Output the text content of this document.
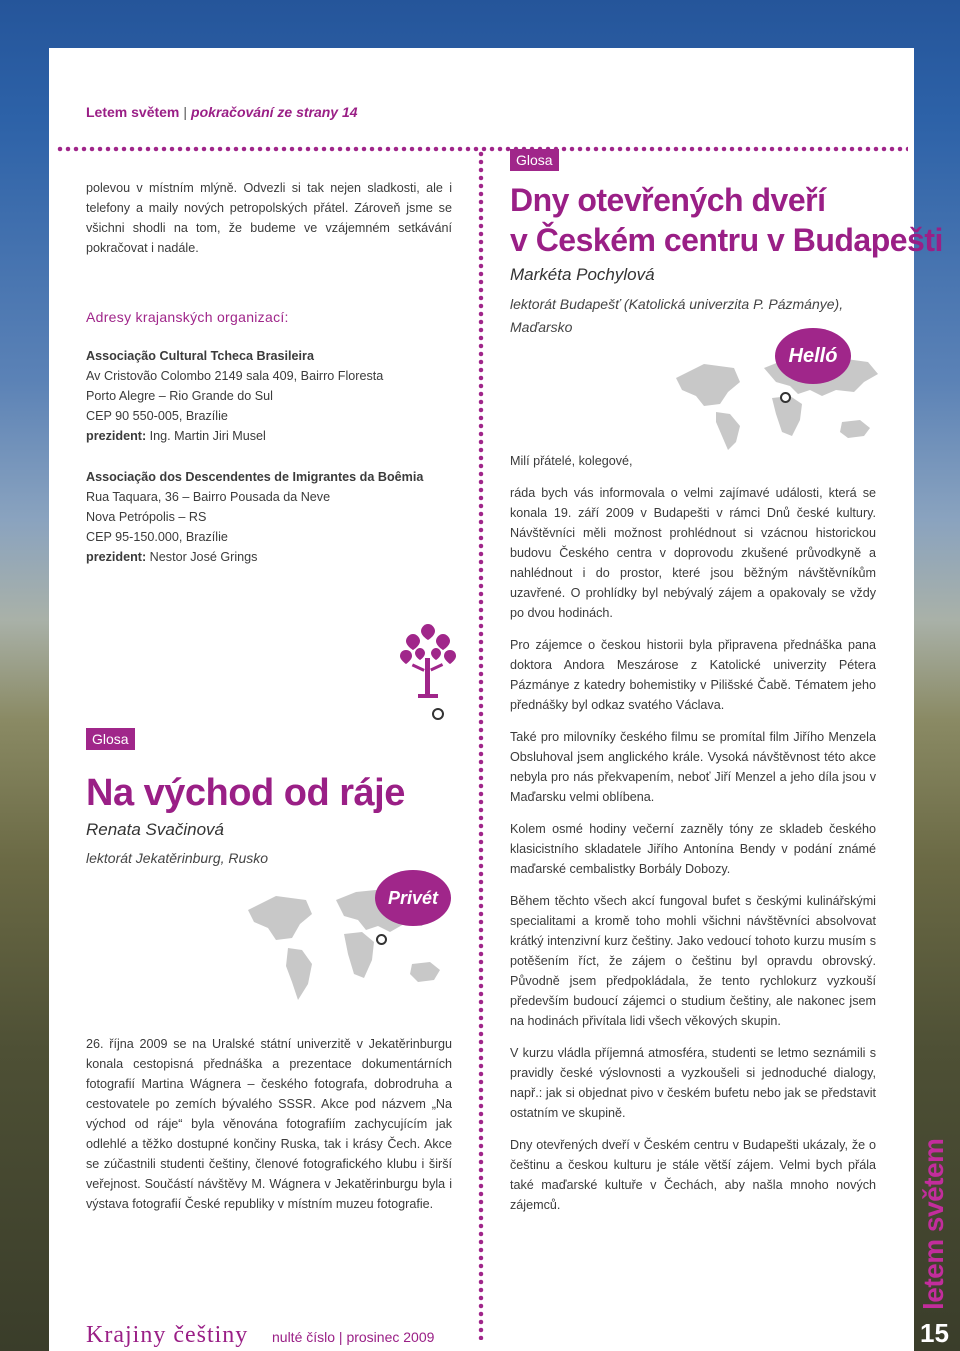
Letem světem | pokračování ze strany 14

polevou v místním mlýně. Odvezli si tak nejen sladkosti, ale i telefony a maily nových petropolských přátel. Zároveň jsme se všichni shodli na tom, že budeme ve vzájemném setkávání pokračovat i nadále.

Adresy krajanských organizací:
Associação Cultural Tcheca Brasileira
Av Cristovão Colombo 2149 sala 409, Bairro Floresta
Porto Alegre – Rio Grande do Sul
CEP 90 550-005, Brazílie
prezident: Ing. Martin Jiri Musel
Associação dos Descendentes de Imigrantes da Boêmia
Rua Taquara, 36 – Bairro Pousada da Neve
Nova Petrópolis – RS
CEP 95-150.000, Brazílie
prezident: Nestor José Grings
Glosa
Na východ od ráje
Renata Svačinová
lektorát Jekatěrinburg, Rusko
Privét

26. října 2009 se na Uralské státní univerzitě v Jekatěrinburgu konala cestopisná přednáška a prezentace dokumentárních fotografií Martina Wágnera – českého fotografa, dobrodruha a cestovatele po zemích bývalého SSSR. Akce pod názvem „Na východ od ráje“ byla věnována fotografiím zachycujícím jak odlehlé a těžko dostupné končiny Ruska, tak i krásy Čech. Akce se zúčastnili studenti češtiny, členové fotografického klubu i širší veřejnost. Součástí návštěvy M. Wágnera v Jekatěrinburgu byla i výstava fotografií České republiky v místním muzeu fotografie.

Glosa
Dny otevřených dveří
v Českém centru v Budapešti
Markéta Pochylová
lektorát Budapešť (Katolická univerzita P. Pázmánye), Maďarsko
Helló
Milí přátelé, kolegové,

ráda bych vás informovala o velmi zajímavé události, která se konala 19. září 2009 v Budapešti v rámci Dnů české kultury. Návštěvníci měli možnost prohlédnout si vzácnou historickou budovu Českého centra v doprovodu zkušené průvodkyně a nahlédnout i do prostor, které jsou běžným návštěvníkům uzavřené. O prohlídky byl nebývalý zájem a opakovaly se vždy po dvou hodinách.

Pro zájemce o českou historii byla připravena přednáška pana doktora Andora Meszárose z Katolické univerzity Pétera Pázmánye z katedry bohemistiky v Pilišské Čabě. Tématem jeho přednášky byl odkaz svatého Václava.

Také pro milovníky českého filmu se promítal film Jiřího Menzela Obsluhoval jsem anglického krále. Vysoká návštěvnost této akce nebyla pro nás překvapením, neboť Jiří Menzel a jeho díla jsou v Maďarsku velmi oblíbena.

Kolem osmé hodiny večerní zazněly tóny ze skladeb českého klasicistního skladatele Jiřího Antonína Bendy v podání známé maďarské cembalistky Borbály Dobozy.

Během těchto všech akcí fungoval bufet s českými kulinářskými specialitami a kromě toho mohli všichni návštěvníci absolvovat krátký intenzivní kurz češtiny. Jako vedoucí tohoto kurzu musím s potěšením říct, že zájem o češtinu byl opravdu obrovský. Původně jsem předpokládala, že tento rychlokurz vyzkouší především budoucí zájemci o studium češtiny, ale nakonec jsem na hodinách přivítala lidi všech věkových skupin.

V kurzu vládla příjemná atmosféra, studenti se letmo seznámili s pravidly české výslovnosti a vyzkoušeli si jednoduché dialogy, např.: jak si objednat pivo v českém bufetu nebo jak se představit ostatním ve skupině.

Dny otevřených dveří v Českém centru v Budapešti ukázaly, že o češtinu a českou kulturu je stále větší zájem. Velmi bych přála také maďarské kultuře v Čechách, aby našla mnoho nových zájemců.

Krajiny češtiny nulté číslo | prosinec 2009
letem světem
15
